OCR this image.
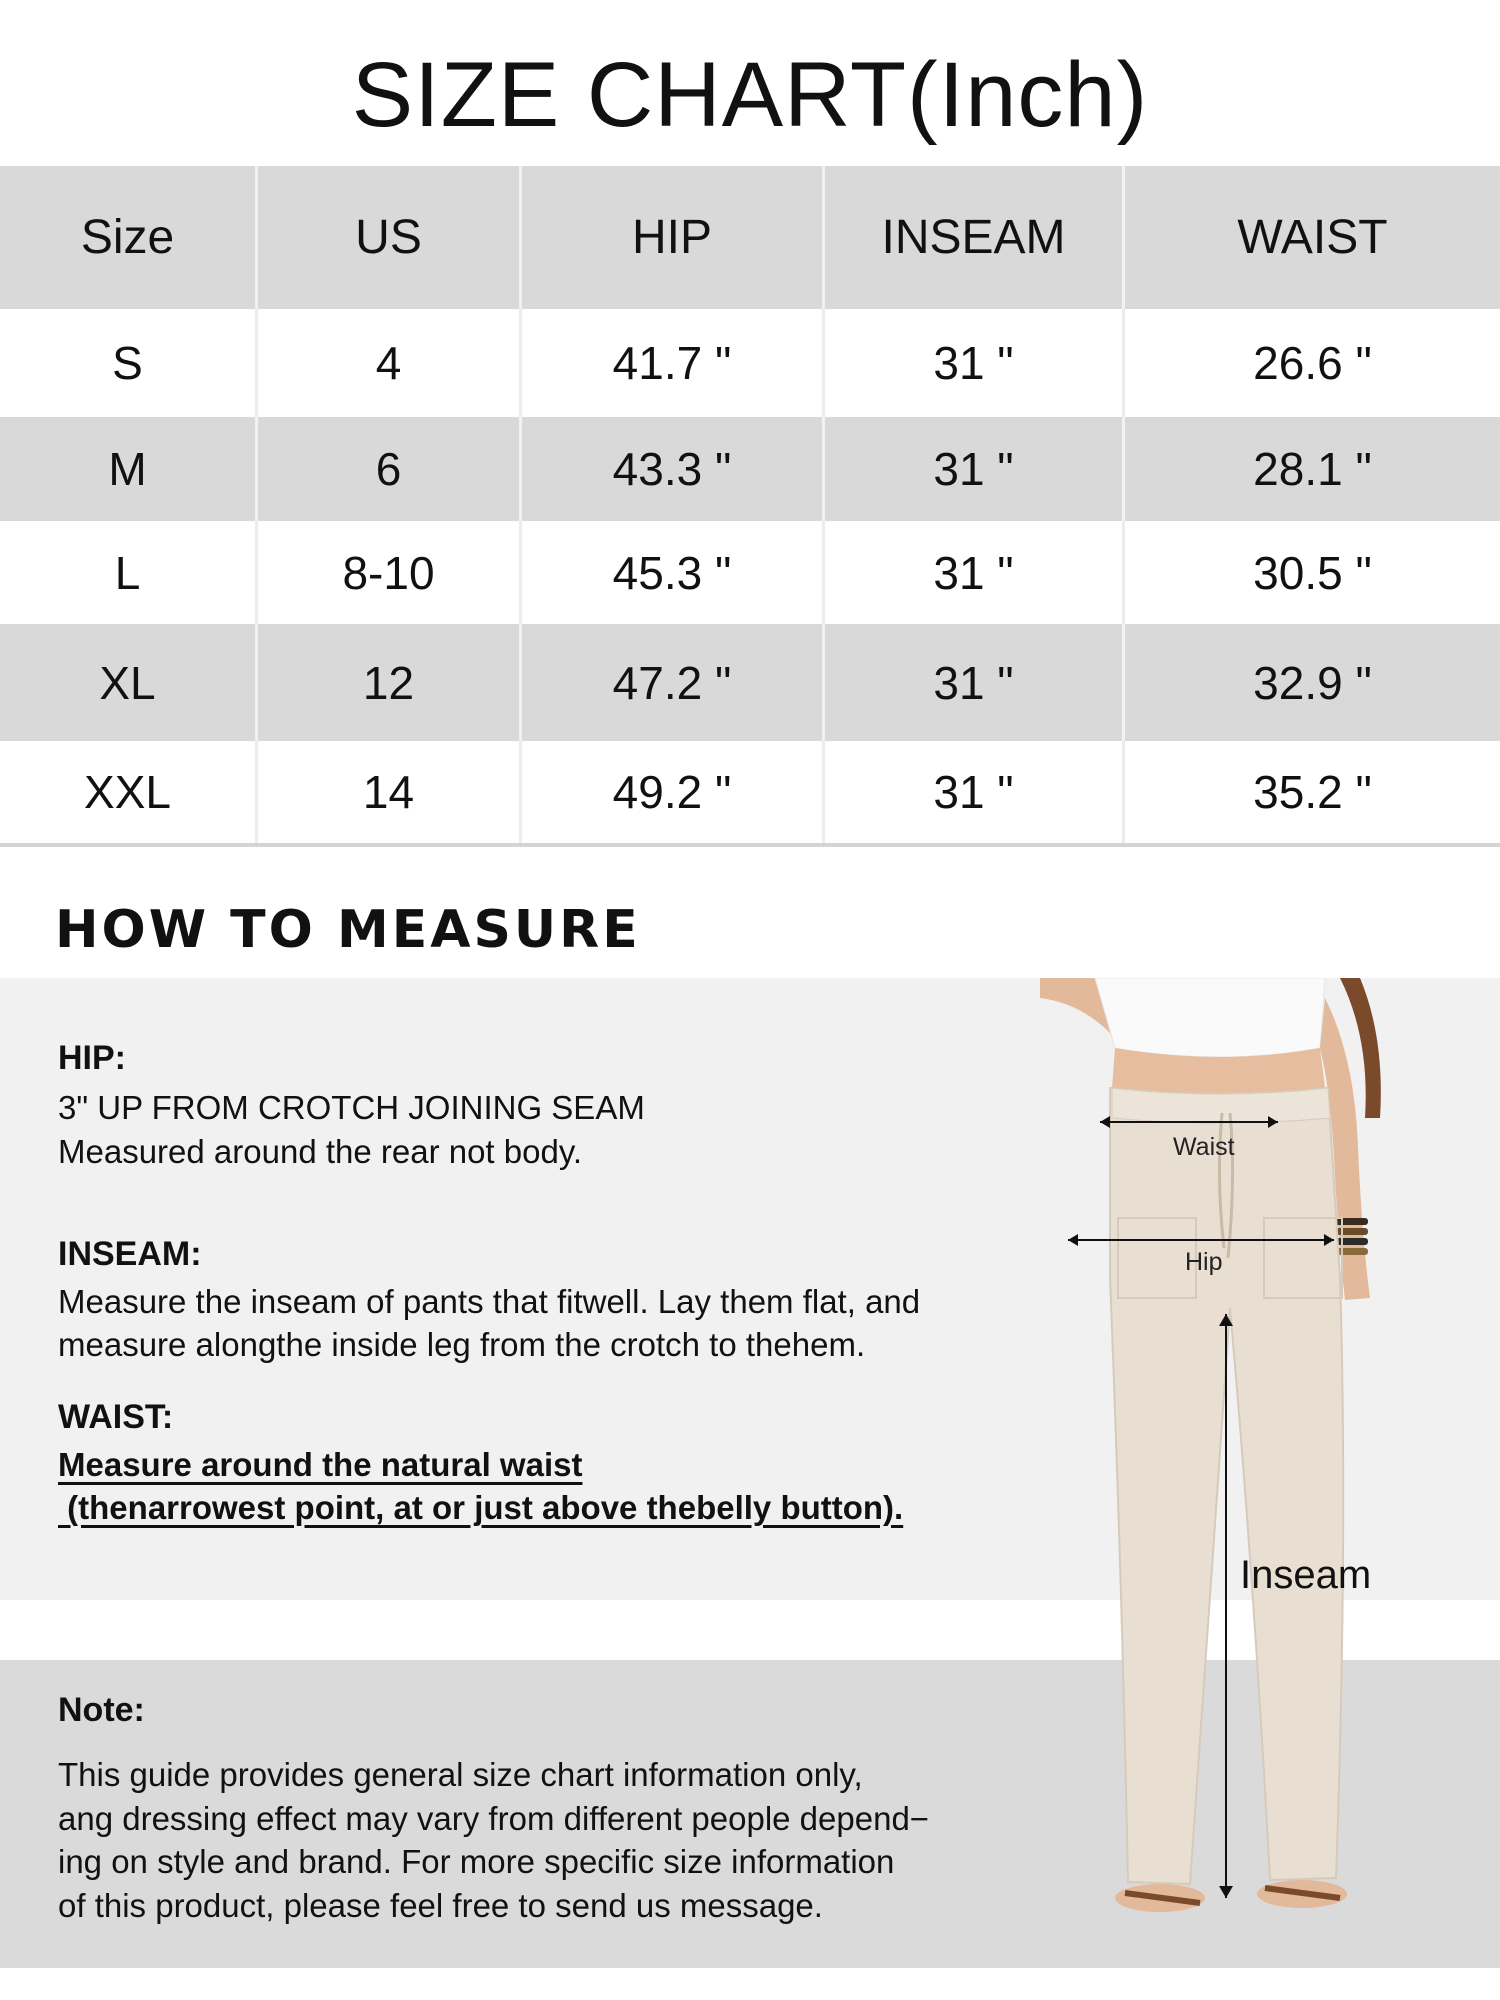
SIZE CHART(Inch)
Size	US	HIP	INSEAM	WAIST
S	4	41.7 "	31 "	26.6 "
M	6	43.3 "	31 "	28.1 "
L	8-10	45.3 "	31 "	30.5 "
XL	12	47.2 "	31 "	32.9 "
XXL	14	49.2 "	31 "	35.2 "
HOW TO MEASURE
HIP:
3" UP FROM CROTCH JOINING SEAM
Measured around the rear not body.
INSEAM:
Measure the inseam of pants that fitwell. Lay them flat, and
measure alongthe inside leg from the crotch to thehem.
WAIST:
Measure around the natural waist
(thenarrowest point, at or just above thebelly button).
Note:
This guide provides general size chart information only,
ang dressing effect may vary from different people depend−
ing on style and brand. For more specific size information
of this product, please feel free to send us message.
Waist
Hip
Inseam
